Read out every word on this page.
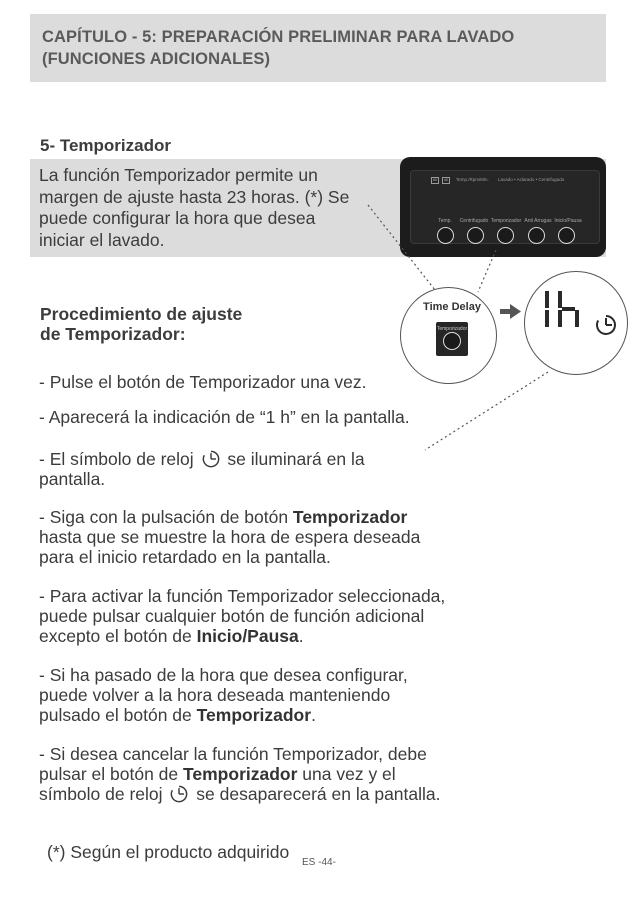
CAPÍTULO - 5: PREPARACIÓN PRELIMINAR PARA LAVADO
(FUNCIONES ADICIONALES)
5- Temporizador
La función Temporizador permite un
margen de ajuste hasta 23 horas. (*) Se
puede configurar la hora que desea
iniciar el lavado.
60	40	Temp./Rpm/Min. Lavado • Aclarado • Centrifugado
Temp. Centrifugado Temporizador Anti Arrugas Inicio/Pausa
Time Delay
Temporizador
Procedimiento de ajuste
de Temporizador:
- Pulse el botón de Temporizador una vez.
- Aparecerá la indicación de “1 h” en la pantalla.
- El símbolo de reloj se iluminará en la
pantalla.
- Siga con la pulsación de botón Temporizador
hasta que se muestre la hora de espera deseada
para el inicio retardado en la pantalla.
- Para activar la función Temporizador seleccionada,
puede pulsar cualquier botón de función adicional
excepto el botón de Inicio/Pausa.
- Si ha pasado de la hora que desea configurar,
puede volver a la hora deseada manteniendo
pulsado el botón de Temporizador.
- Si desea cancelar la función Temporizador, debe
pulsar el botón de Temporizador una vez y el
símbolo de reloj se desaparecerá en la pantalla.
(*) Según el producto adquirido
ES -44-
